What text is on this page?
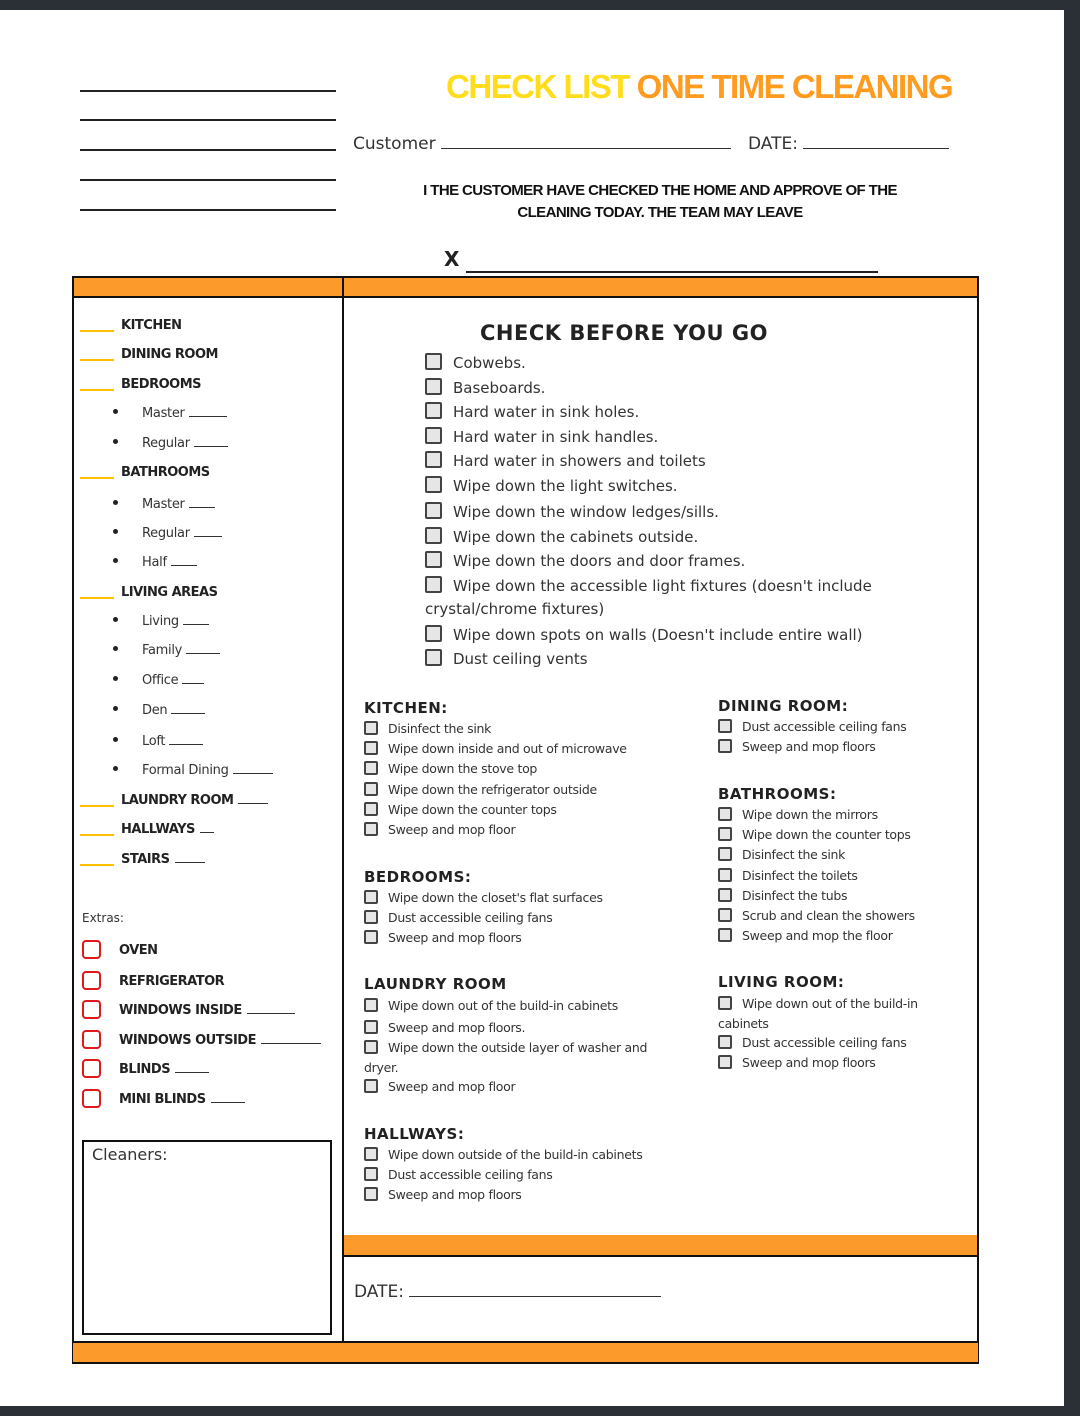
CHECK LIST ONE TIME CLEANING
Customer	DATE:
I THE CUSTOMER HAVE CHECKED THE HOME AND APPROVE OF THE
CLEANING TODAY. THE TEAM MAY LEAVE
X
KITCHEN
DINING ROOM
BEDROOMS
Master
Regular
BATHROOMS
Master
Regular
Half
LIVING AREAS
Living
Family
Office
Den
Loft
Formal Dining
LAUNDRY ROOM
HALLWAYS
STAIRS
Extras:
OVEN
REFRIGERATOR
WINDOWS INSIDE
WINDOWS OUTSIDE
BLINDS
MINI BLINDS
Cleaners:
CHECK BEFORE YOU GO
Cobwebs.
Baseboards.
Hard water in sink holes.
Hard water in sink handles.
Hard water in showers and toilets
Wipe down the light switches.
Wipe down the window ledges/sills.
Wipe down the cabinets outside.
Wipe down the doors and door frames.
Wipe down the accessible light fixtures (doesn't include
crystal/chrome fixtures)
Wipe down spots on walls (Doesn't include entire wall)
Dust ceiling vents
KITCHEN:
Disinfect the sink
Wipe down inside and out of microwave
Wipe down the stove top
Wipe down the refrigerator outside
Wipe down the counter tops
Sweep and mop floor
DINING ROOM:
Dust accessible ceiling fans
Sweep and mop floors
BATHROOMS:
Wipe down the mirrors
Wipe down the counter tops
Disinfect the sink
Disinfect the toilets
Disinfect the tubs
Scrub and clean the showers
Sweep and mop the floor
BEDROOMS:
Wipe down the closet's flat surfaces
Dust accessible ceiling fans
Sweep and mop floors
LAUNDRY ROOM
Wipe down out of the build-in cabinets
Sweep and mop floors.
Wipe down the outside layer of washer and
dryer.
Sweep and mop floor
LIVING ROOM:
Wipe down out of the build-in
cabinets
Dust accessible ceiling fans
Sweep and mop floors
HALLWAYS:
Wipe down outside of the build-in cabinets
Dust accessible ceiling fans
Sweep and mop floors
DATE:
